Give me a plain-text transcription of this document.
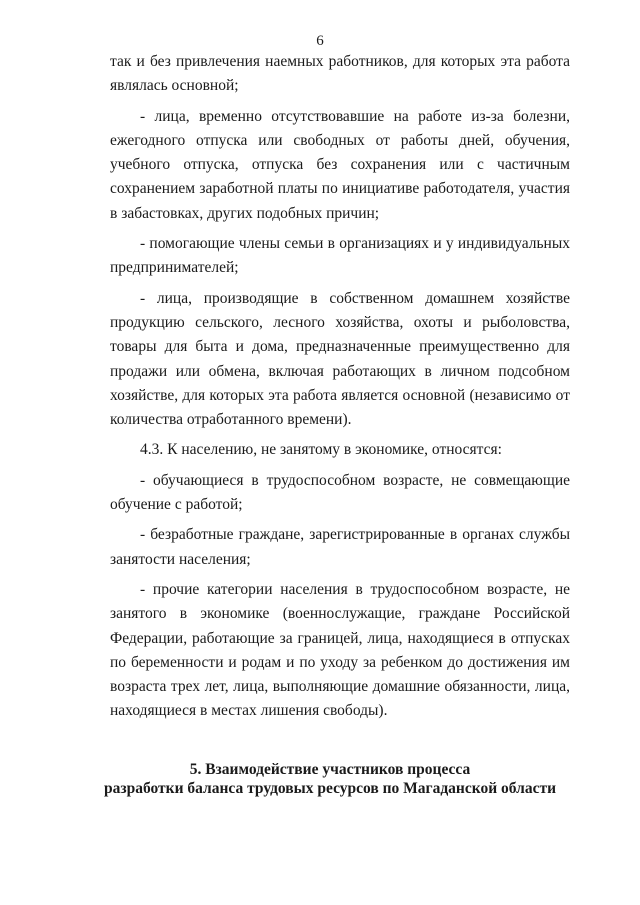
6

так и без привлечения наемных работников, для которых эта работа являлась основной;

- лица, временно отсутствовавшие на работе из-за болезни, ежегодного отпуска или свободных от работы дней, обучения, учебного отпуска, отпуска без сохранения или с частичным сохранением заработной платы по инициативе работодателя, участия в забастовках, других подобных причин;

- помогающие члены семьи в организациях и у индивидуальных предпринимателей;

- лица, производящие в собственном домашнем хозяйстве продукцию сельского, лесного хозяйства, охоты и рыболовства, товары для быта и дома, предназначенные преимущественно для продажи или обмена, включая работающих в личном подсобном хозяйстве, для которых эта работа является основной (независимо от количества отработанного времени).

4.3. К населению, не занятому в экономике, относятся:

- обучающиеся в трудоспособном возрасте, не совмещающие обучение с работой;

- безработные граждане, зарегистрированные в органах службы занятости населения;

- прочие категории населения в трудоспособном возрасте, не занятого в экономике (военнослужащие, граждане Российской Федерации, работающие за границей, лица, находящиеся в отпусках по беременности и родам и по уходу за ребенком до достижения им возраста трех лет, лица, выполняющие домашние обязанности, лица, находящиеся в местах лишения свободы).

5. Взаимодействие участников процесса
разработки баланса трудовых ресурсов по Магаданской области
